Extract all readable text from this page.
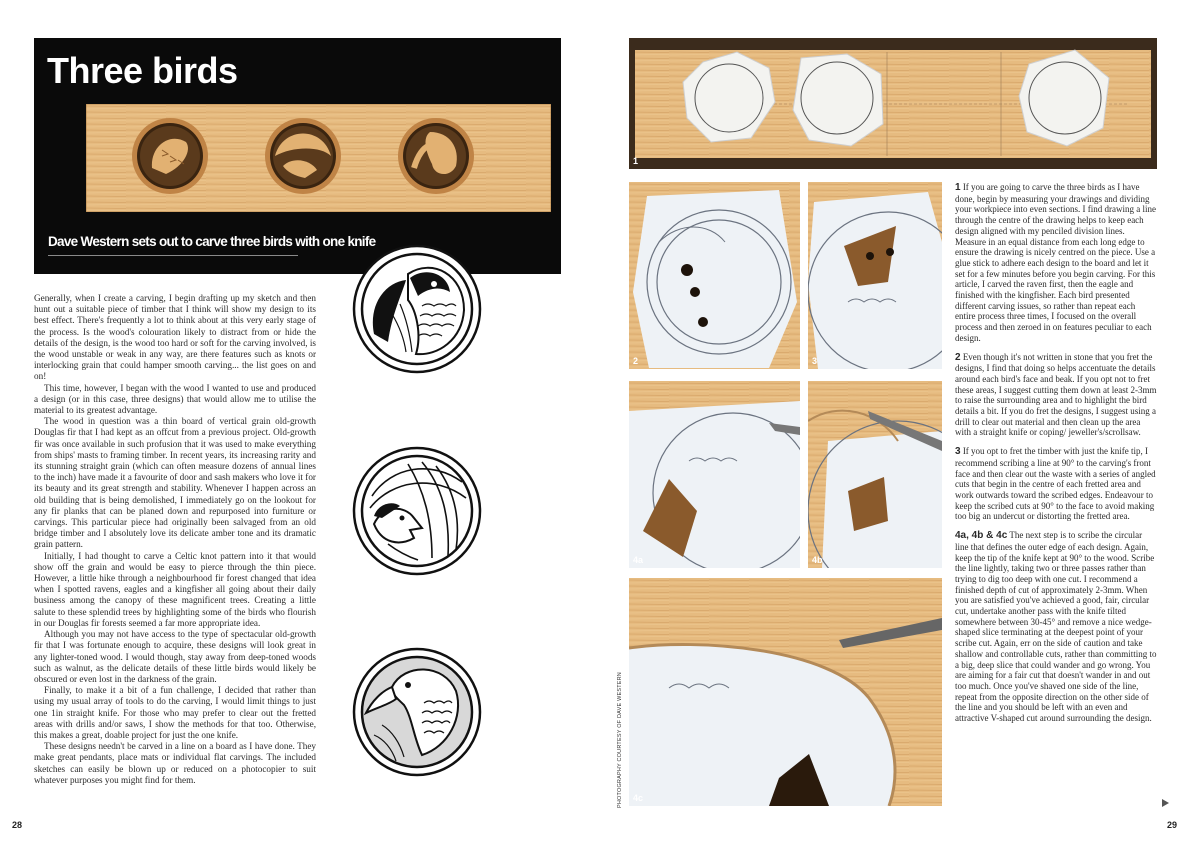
Three birds
Dave Western sets out to carve three birds with one knife

Generally, when I create a carving, I begin drafting up my sketch and then hunt out a suitable piece of timber that I think will show my design to its best effect. There's frequently a lot to think about at this very early stage of the process. Is the wood's colouration likely to distract from or hide the details of the design, is the wood too hard or soft for the carving involved, is the wood unstable or weak in any way, are there features such as knots or interlocking grain that could hamper smooth carving... the list goes on and on!

This time, however, I began with the wood I wanted to use and produced a design (or in this case, three designs) that would allow me to utilise the material to its greatest advantage.

The wood in question was a thin board of vertical grain old-growth Douglas fir that I had kept as an offcut from a previous project. Old-growth fir was once available in such profusion that it was used to make everything from ships' masts to framing timber. In recent years, its increasing rarity and its stunning straight grain (which can often measure dozens of annual lines to the inch) have made it a favourite of door and sash makers who love it for its beauty and its great strength and stability. Whenever I happen across an old building that is being demolished, I immediately go on the lookout for any fir planks that can be planed down and repurposed into furniture or carvings. This particular piece had originally been salvaged from an old bridge timber and I absolutely love its delicate amber tone and its dramatic grain pattern.

Initially, I had thought to carve a Celtic knot pattern into it that would show off the grain and would be easy to pierce through the thin piece. However, a little hike through a neighbourhood fir forest changed that idea when I spotted ravens, eagles and a kingfisher all going about their daily business among the canopy of these magnificent trees. Creating a little salute to these splendid trees by highlighting some of the birds who flourish in our Douglas fir forests seemed a far more appropriate idea.

Although you may not have access to the type of spectacular old-growth fir that I was fortunate enough to acquire, these designs will look great in any lighter-toned wood. I would though, stay away from deep-toned woods such as walnut, as the delicate details of these little birds would likely be obscured or even lost in the darkness of the grain.

Finally, to make it a bit of a fun challenge, I decided that rather than using my usual array of tools to do the carving, I would limit things to just one 1in straight knife. For those who may prefer to clear out the fretted areas with drills and/or saws, I show the methods for that too. Otherwise, this makes a great, doable project for just the one knife.

These designs needn't be carved in a line on a board as I have done. They make great pendants, place mats or individual flat carvings. The included sketches can easily be blown up or reduced on a photocopier to suit whatever purposes you might find for them.

28
1
2	3
4a	4b
4c
PHOTOGRAPHY COURTESY OF DAVE WESTERN

1 If you are going to carve the three birds as I have done, begin by measuring your drawings and dividing your workpiece into even sections. I find drawing a line through the centre of the drawing helps to keep each design aligned with my penciled division lines. Measure in an equal distance from each long edge to ensure the drawing is nicely centred on the piece. Use a glue stick to adhere each design to the board and let it set for a few minutes before you begin carving. For this article, I carved the raven first, then the eagle and finished with the kingfisher. Each bird presented different carving issues, so rather than repeat each entire process three times, I focused on the overall process and then zeroed in on features peculiar to each design.

2 Even though it's not written in stone that you fret the designs, I find that doing so helps accentuate the details around each bird's face and beak. If you opt not to fret these areas, I suggest cutting them down at least 2-3mm to raise the surrounding area and to highlight the bird details a bit. If you do fret the designs, I suggest using a drill to clear out material and then clean up the area with a straight knife or coping/ jeweller's/scrollsaw.

3 If you opt to fret the timber with just the knife tip, I recommend scribing a line at 90° to the carving's front face and then clear out the waste with a series of angled cuts that begin in the centre of each fretted area and work outwards toward the scribed edges. Endeavour to keep the scribed cuts at 90° to the face to avoid making too big an undercut or distorting the fretted area.

4a, 4b & 4c The next step is to scribe the circular line that defines the outer edge of each design. Again, keep the tip of the knife kept at 90° to the wood. Scribe the line lightly, taking two or three passes rather than trying to dig too deep with one cut. I recommend a finished depth of cut of approximately 2-3mm. When you are satisfied you've achieved a good, fair, circular cut, undertake another pass with the knife tilted somewhere between 30-45° and remove a nice wedge-shaped slice terminating at the deepest point of your scribe cut. Again, err on the side of caution and take shallow and controllable cuts, rather than committing to a big, deep slice that could wander and go wrong. You are aiming for a fair cut that doesn't wander in and out too much. Once you've shaved one side of the line, repeat from the opposite direction on the other side of the line and you should be left with an even and attractive V-shaped cut around surrounding the design.

29
